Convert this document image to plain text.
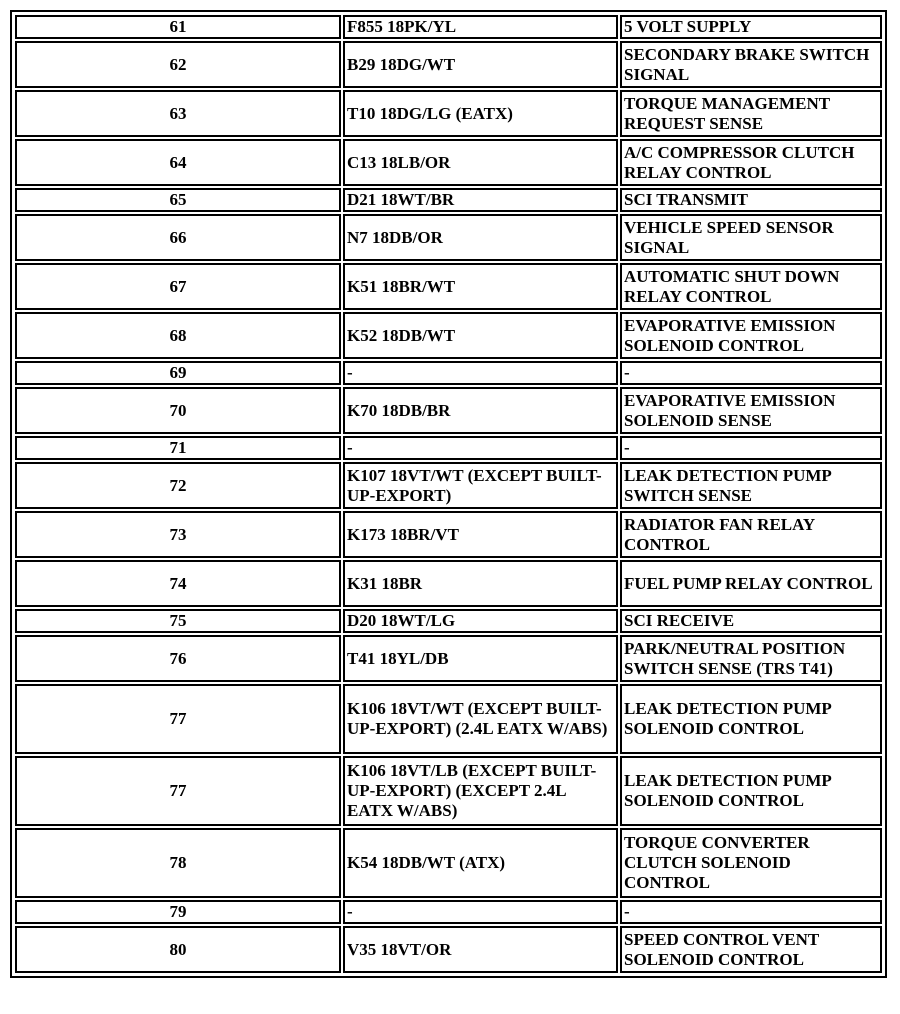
61	F855 18PK/YL	5 VOLT SUPPLY
62	B29 18DG/WT	SECONDARY BRAKE SWITCH SIGNAL
63	T10 18DG/LG (EATX)	TORQUE MANAGEMENT REQUEST SENSE
64	C13 18LB/OR	A/C COMPRESSOR CLUTCH RELAY CONTROL
65	D21 18WT/BR	SCI TRANSMIT
66	N7 18DB/OR	VEHICLE SPEED SENSOR SIGNAL
67	K51 18BR/WT	AUTOMATIC SHUT DOWN RELAY CONTROL
68	K52 18DB/WT	EVAPORATIVE EMISSION SOLENOID CONTROL
69	-	-
70	K70 18DB/BR	EVAPORATIVE EMISSION SOLENOID SENSE
71	-	-
72	K107 18VT/WT (EXCEPT BUILT-UP-EXPORT)	LEAK DETECTION PUMP SWITCH SENSE
73	K173 18BR/VT	RADIATOR FAN RELAY CONTROL
74	K31 18BR	FUEL PUMP RELAY CONTROL
75	D20 18WT/LG	SCI RECEIVE
76	T41 18YL/DB	PARK/NEUTRAL POSITION SWITCH SENSE (TRS T41)
77	K106 18VT/WT (EXCEPT BUILT-UP-EXPORT) (2.4L EATX W/ABS)	LEAK DETECTION PUMP SOLENOID CONTROL
77	K106 18VT/LB (EXCEPT BUILT-UP-EXPORT) (EXCEPT 2.4L EATX W/ABS)	LEAK DETECTION PUMP SOLENOID CONTROL
78	K54 18DB/WT (ATX)	TORQUE CONVERTER CLUTCH SOLENOID CONTROL
79	-	-
80	V35 18VT/OR	SPEED CONTROL VENT SOLENOID CONTROL
